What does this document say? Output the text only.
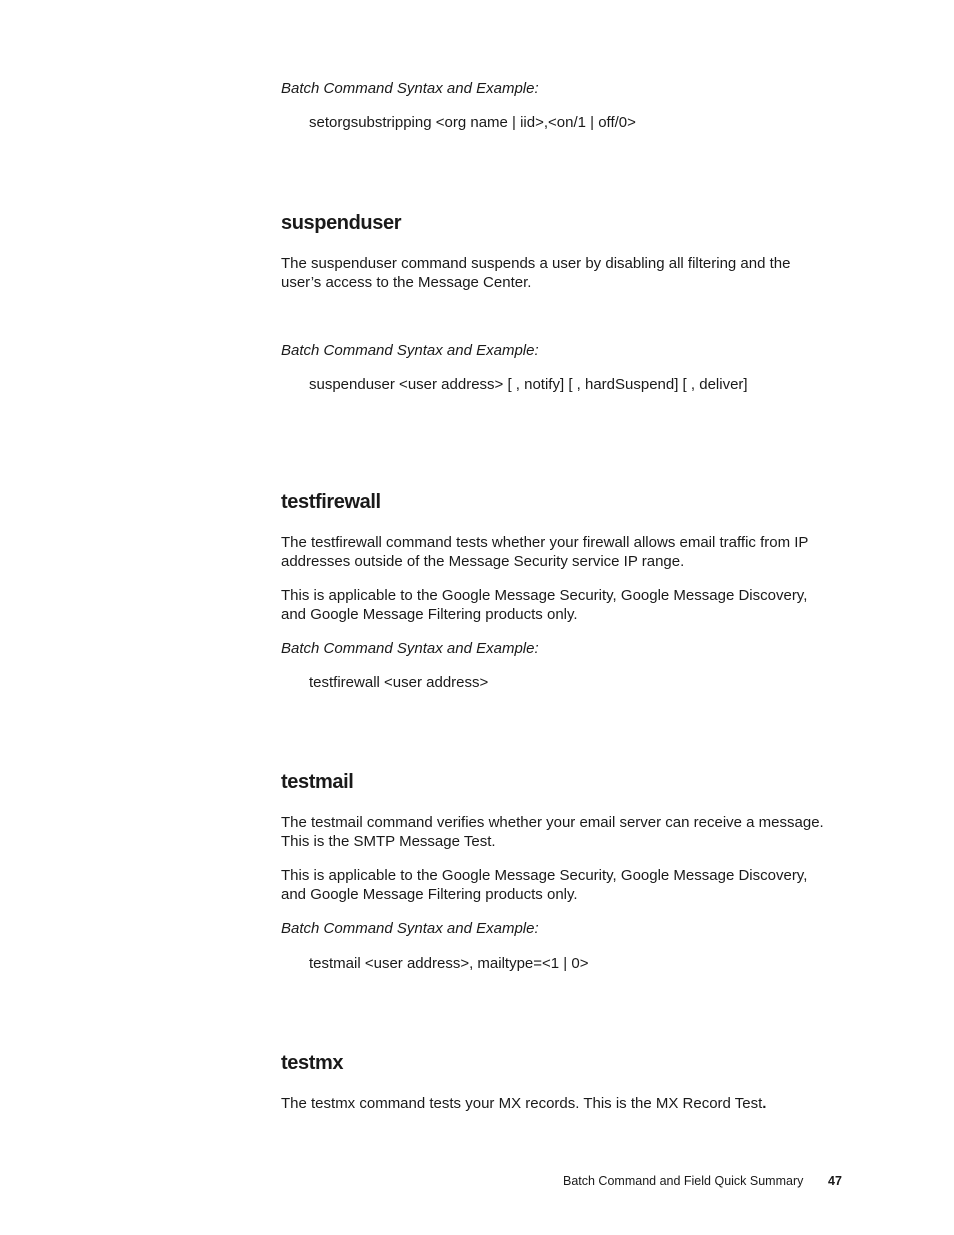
Batch Command Syntax and Example:
setorgsubstripping <org name | iid>,<on/1 | off/0>
suspenduser
The suspenduser command suspends a user by disabling all filtering and the
user’s access to the Message Center.
Batch Command Syntax and Example:
suspenduser <user address> [ , notify] [ , hardSuspend] [ , deliver]
testfirewall
The testfirewall command tests whether your firewall allows email traffic from IP
addresses outside of the Message Security service IP range.
This is applicable to the Google Message Security, Google Message Discovery,
and Google Message Filtering products only.
Batch Command Syntax and Example:
testfirewall <user address>
testmail
The testmail command verifies whether your email server can receive a message.
This is the SMTP Message Test.
This is applicable to the Google Message Security, Google Message Discovery,
and Google Message Filtering products only.
Batch Command Syntax and Example:
testmail <user address>, mailtype=<1 | 0>
testmx
The testmx command tests your MX records. This is the MX Record Test.
Batch Command and Field Quick Summary 47
